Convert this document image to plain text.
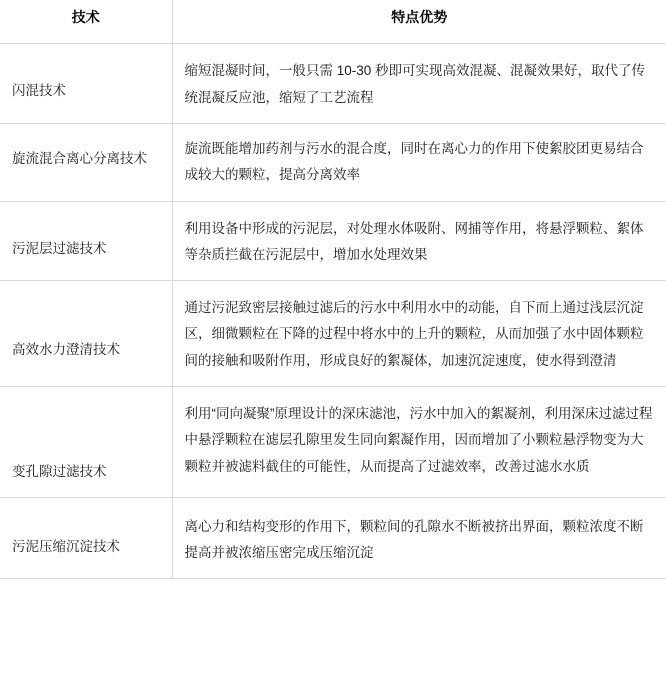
技术	特点优势
闪混技术	缩短混凝时间，一般只需 10-30 秒即可实现高效混凝、混凝效果好，取代了传

统混凝反应池，缩短了工艺流程

旋流混合离心分离技术	旋流既能增加药剂与污水的混合度，同时在离心力的作用下使絮胶团更易结合

成较大的颗粒，提高分离效率

污泥层过滤技术	利用设备中形成的污泥层，对处理水体吸附、网捕等作用，将悬浮颗粒、絮体

等杂质拦截在污泥层中，增加水处理效果

高效水力澄清技术	通过污泥致密层接触过滤后的污水中利用水中的动能，自下而上通过浅层沉淀

区，细微颗粒在下降的过程中将水中的上升的颗粒，从而加强了水中固体颗粒间的接触和吸附作用，形成良好的絮凝体，加速沉淀速度，使水得到澄清

变孔隙过滤技术	利用“同向凝聚”原理设计的深床滤池，污水中加入的絮凝剂，利用深床过滤过程中悬浮颗粒在滤层孔隙里发生同向絮凝作用，因而增加了小颗粒悬浮物变为大颗粒并被滤料截住的可能性，从而提高了过滤效率，改善过滤水水质

污泥压缩沉淀技术	离心力和结构变形的作用下，颗粒间的孔隙水不断被挤出界面，颗粒浓度不断

提高并被浓缩压密完成压缩沉淀
